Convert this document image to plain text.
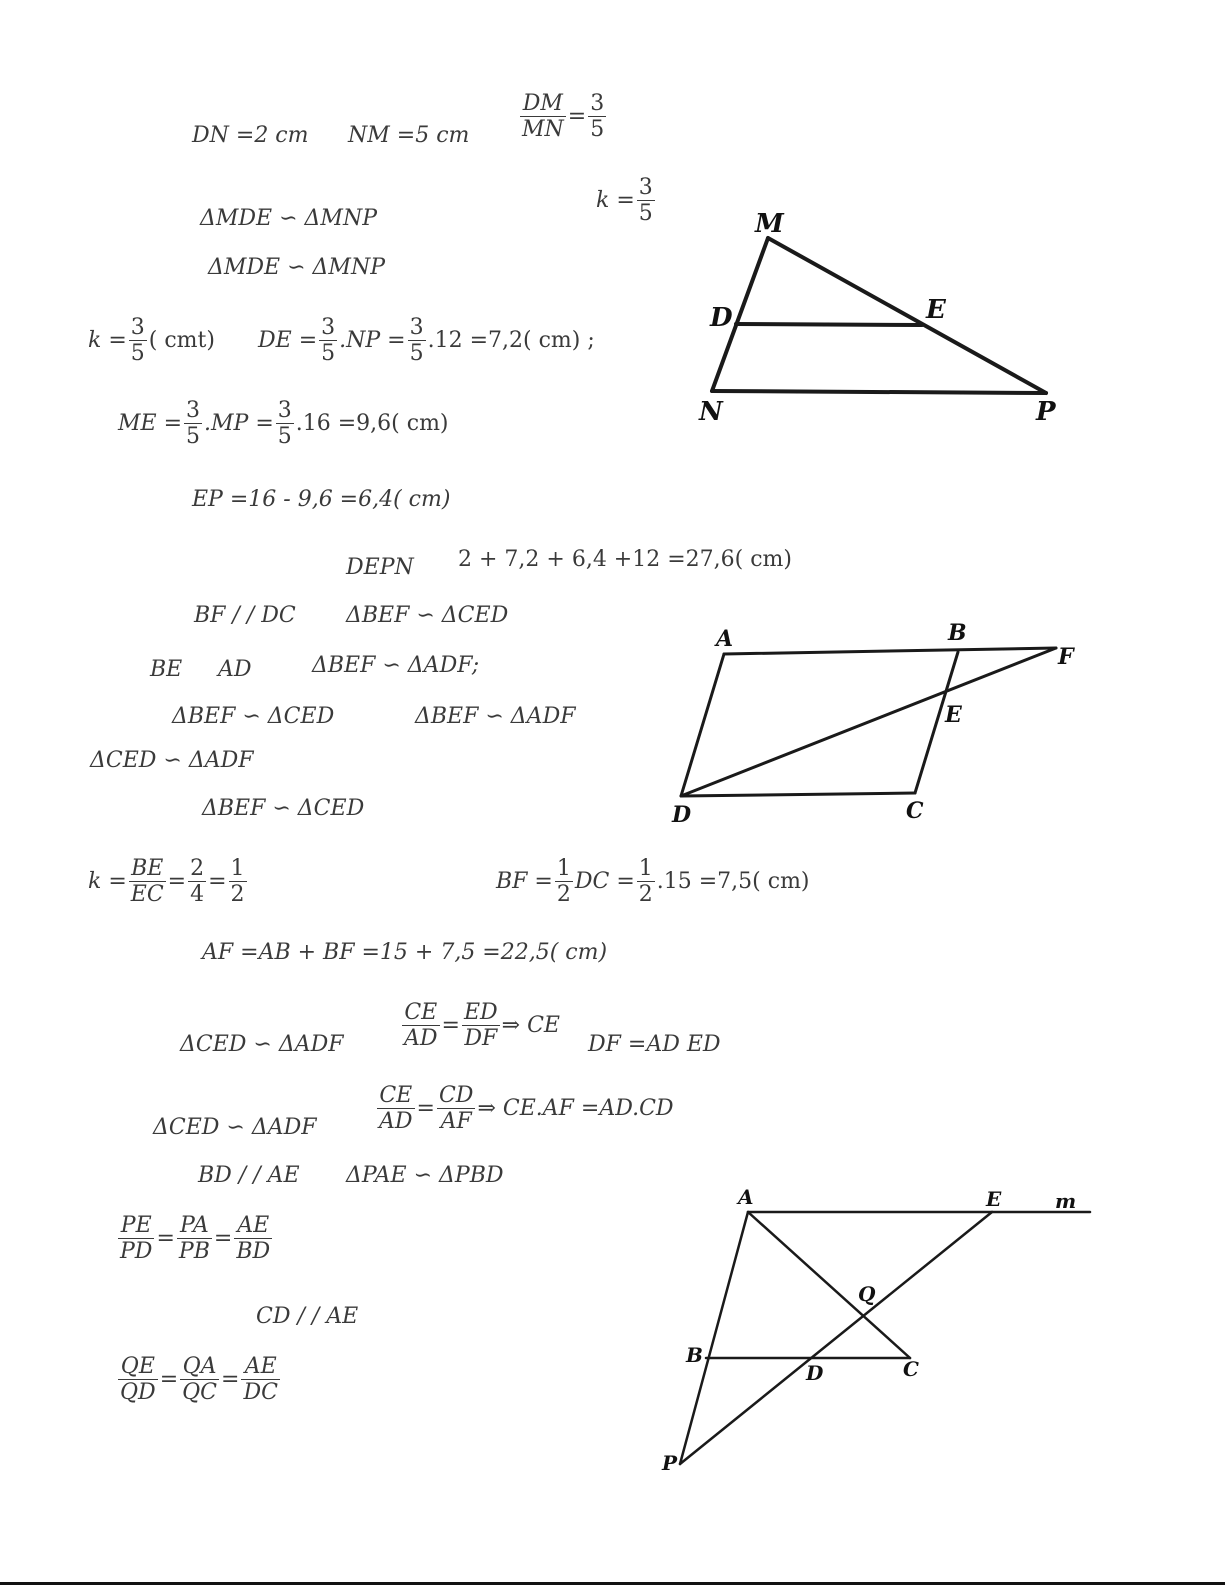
DN =2 cm NM =5 cm $\frac{DM}{MN} = \frac{3}{5}$
ΔMDE ∽ ΔMNP
$k = \frac{3}{5}$
ΔMDE ∽ ΔMNP
$k = \frac{3}{5}$ ( cmt) DE = $\frac{3}{5} .NP = \frac{3}{5} .12 =7,2$( cm) ;
ME = $\frac{3}{5} .MP = \frac{3}{5} .16 =9,6$( cm)
EP =16 - 9,6 =6,4( cm)
DEPN 2 + 7,2 + 6,4 +12 =27,6( cm)
BF / / DC ΔBEF ∽ ΔCED
BE AD	ΔBEF ∽ ΔADF;
ΔBEF ∽ ΔCED	ΔBEF ∽ ΔADF
ΔCED ∽ ΔADF
ΔBEF ∽ ΔCED
$k = \frac{BE}{EC} = \frac{2}{4} = \frac{1}{2}$	BF = $\frac{1}{2}$ DC = $\frac{1}{2} .15 =7,5$( cm)
AF =AB + BF =15 + 7,5 =22,5( cm)
ΔCED ∽ ΔADF	$\frac{CE}{AD} = \frac{ED}{DF}$ ⇒ CE
DF =AD ED
ΔCED ∽ ΔADF	$\frac{CE}{AD} = \frac{CD}{AF}$ ⇒ CE.AF =AD.CD
BD / / AE ΔPAE ∽ ΔPBD
$\frac{PE}{PD} = \frac{PA}{PB} = \frac{AE}{BD}$
CD / / AE
$\frac{QE}{QD} = \frac{QA}{QC} = \frac{AE}{DC}$
M
D	E
N	P
A	B
F
E
D	C
A	E	m
Q
B
D	C
P
